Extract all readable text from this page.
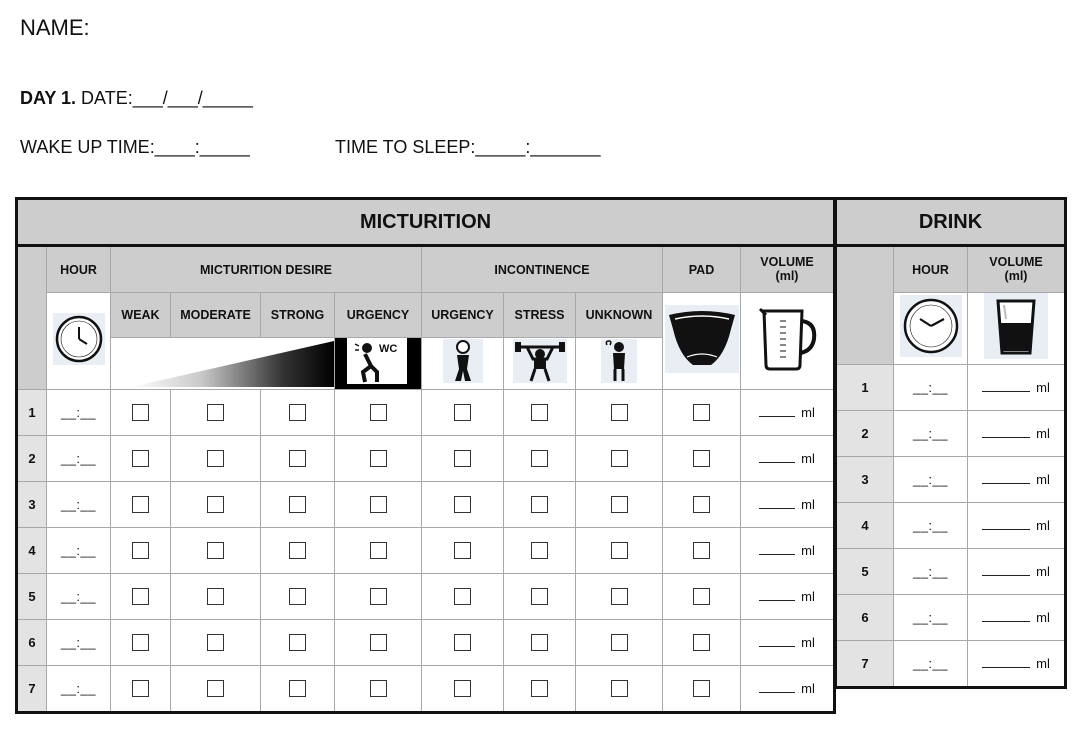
NAME:
DAY 1. DATE:___/___/_____
WAKE UP TIME:____:_____	TIME TO SLEEP:_____:_______
MICTURITION										
	HOUR	MICTURITION DESIRE				INCONTINENCE			PAD	VOLUME
(ml)

	WEAK	MODERATE	STRONG	URGENCY	URGENCY	STRESS	UNKNOWN		

WC

1	__:__									ml
2	__:__									ml
3	__:__									ml
4	__:__									ml
5	__:__									ml
6	__:__									ml
7	__:__									ml
DRINK		
	HOUR	VOLUME
(ml)

1	__:__	ml
2	__:__	ml
3	__:__	ml
4	__:__	ml
5	__:__	ml
6	__:__	ml
7	__:__	ml
